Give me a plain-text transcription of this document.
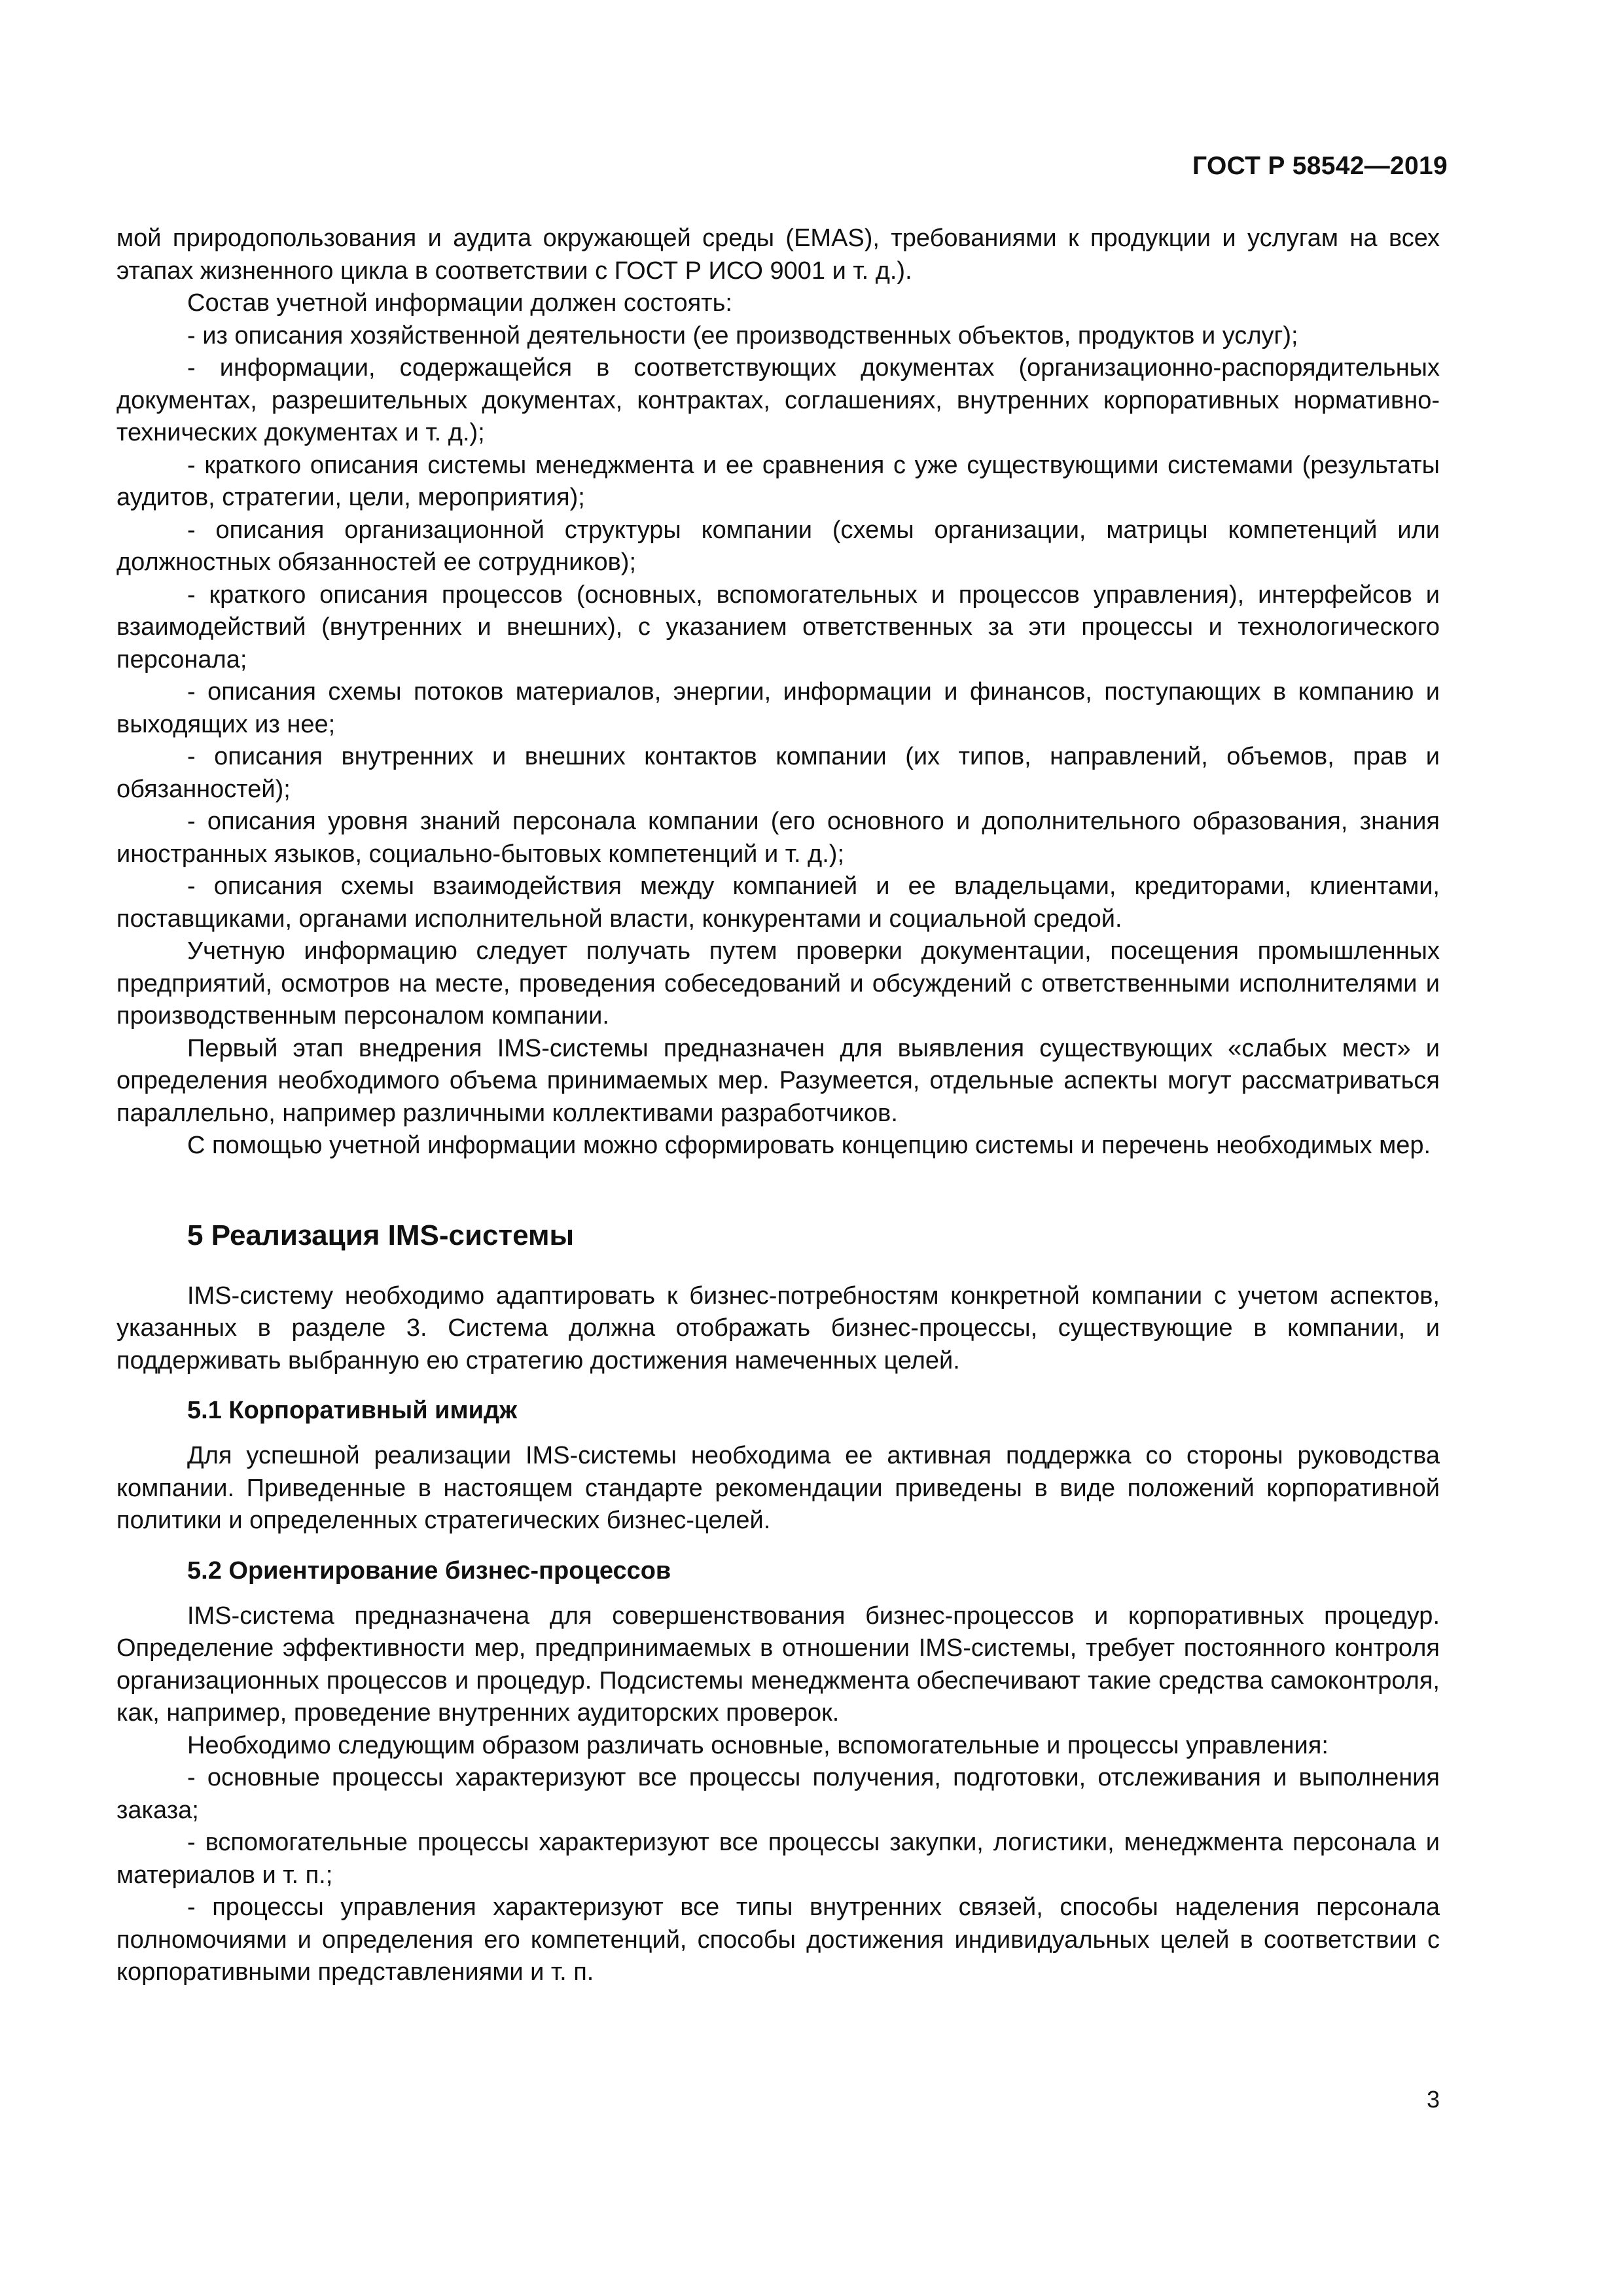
ГОСТ Р 58542—2019

мой природопользования и аудита окружающей среды (EMAS), требованиями к продукции и услугам на всех этапах жизненного цикла в соответствии с ГОСТ Р ИСО 9001 и т. д.).

Состав учетной информации должен состоять:

- из описания хозяйственной деятельности (ее производственных объектов, продуктов и услуг);

- информации, содержащейся в соответствующих документах (организационно-распорядительных документах, разрешительных документах, контрактах, соглашениях, внутренних корпоративных нормативно-технических документах и т. д.);

- краткого описания системы менеджмента и ее сравнения с уже существующими системами (результаты аудитов, стратегии, цели, мероприятия);

- описания организационной структуры компании (схемы организации, матрицы компетенций или должностных обязанностей ее сотрудников);

- краткого описания процессов (основных, вспомогательных и процессов управления), интерфейсов и взаимодействий (внутренних и внешних), с указанием ответственных за эти процессы и технологического персонала;

- описания схемы потоков материалов, энергии, информации и финансов, поступающих в компанию и выходящих из нее;

- описания внутренних и внешних контактов компании (их типов, направлений, объемов, прав и обязанностей);

- описания уровня знаний персонала компании (его основного и дополнительного образования, знания иностранных языков, социально-бытовых компетенций и т. д.);

- описания схемы взаимодействия между компанией и ее владельцами, кредиторами, клиентами, поставщиками, органами исполнительной власти, конкурентами и социальной средой.

Учетную информацию следует получать путем проверки документации, посещения промышленных предприятий, осмотров на месте, проведения собеседований и обсуждений с ответственными исполнителями и производственным персоналом компании.

Первый этап внедрения IMS-системы предназначен для выявления существующих «слабых мест» и определения необходимого объема принимаемых мер. Разумеется, отдельные аспекты могут рассматриваться параллельно, например различными коллективами разработчиков.

С помощью учетной информации можно сформировать концепцию системы и перечень необходимых мер.

5 Реализация IMS-системы

IMS-систему необходимо адаптировать к бизнес-потребностям конкретной компании с учетом аспектов, указанных в разделе 3. Система должна отображать бизнес-процессы, существующие в компании, и поддерживать выбранную ею стратегию достижения намеченных целей.

5.1 Корпоративный имидж

Для успешной реализации IMS-системы необходима ее активная поддержка со стороны руководства компании. Приведенные в настоящем стандарте рекомендации приведены в виде положений корпоративной политики и определенных стратегических бизнес-целей.

5.2 Ориентирование бизнес-процессов

IMS-система предназначена для совершенствования бизнес-процессов и корпоративных процедур. Определение эффективности мер, предпринимаемых в отношении IMS-системы, требует постоянного контроля организационных процессов и процедур. Подсистемы менеджмента обеспечивают такие средства самоконтроля, как, например, проведение внутренних аудиторских проверок.

Необходимо следующим образом различать основные, вспомогательные и процессы управления:

- основные процессы характеризуют все процессы получения, подготовки, отслеживания и выполнения заказа;

- вспомогательные процессы характеризуют все процессы закупки, логистики, менеджмента персонала и материалов и т. п.;

- процессы управления характеризуют все типы внутренних связей, способы наделения персонала полномочиями и определения его компетенций, способы достижения индивидуальных целей в соответствии с корпоративными представлениями и т. п.

3
